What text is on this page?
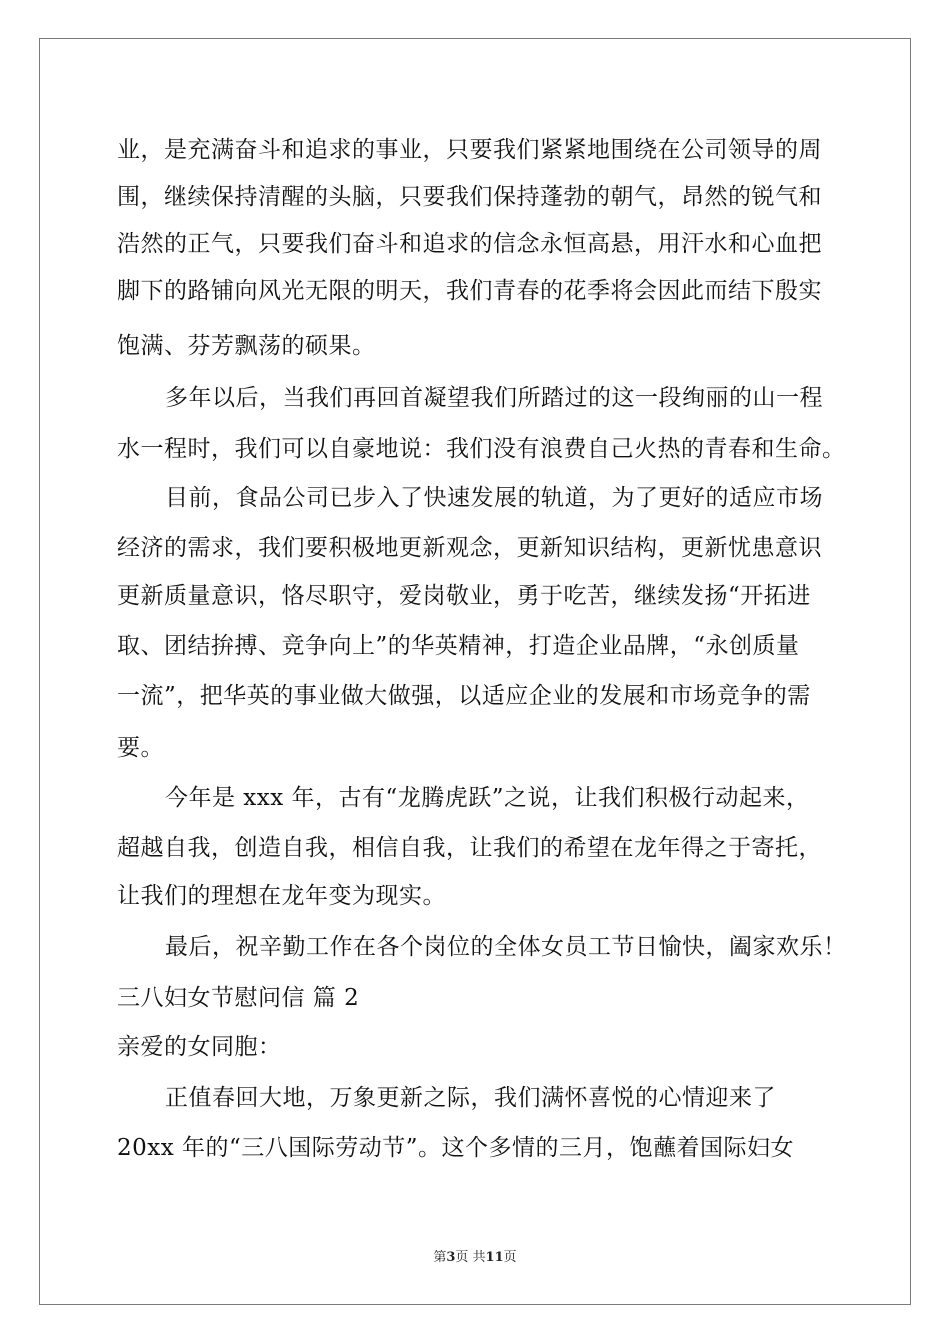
业，是充满奋斗和追求的事业，只要我们紧紧地围绕在公司领导的周
围，继续保持清醒的头脑，只要我们保持蓬勃的朝气，昂然的锐气和
浩然的正气，只要我们奋斗和追求的信念永恒高悬，用汗水和心血把
脚下的路铺向风光无限的明天，我们青春的花季将会因此而结下殷实
饱满、芬芳飘荡的硕果。
多年以后，当我们再回首凝望我们所踏过的这一段绚丽的山一程
水一程时，我们可以自豪地说：我们没有浪费自己火热的青春和生命。
目前，食品公司已步入了快速发展的轨道，为了更好的适应市场
经济的需求，我们要积极地更新观念，更新知识结构，更新忧患意识
更新质量意识，恪尽职守，爱岗敬业，勇于吃苦，继续发扬“开拓进
取、团结拚搏、竞争向上”的华英精神，打造企业品牌，“永创质量
一流”，把华英的事业做大做强，以适应企业的发展和市场竞争的需
要。
今年是 xxx 年，古有“龙腾虎跃”之说，让我们积极行动起来，
超越自我，创造自我，相信自我，让我们的希望在龙年得之于寄托，
让我们的理想在龙年变为现实。
最后，祝辛勤工作在各个岗位的全体女员工节日愉快，阖家欢乐！
三八妇女节慰问信 篇 2
亲爱的女同胞：
正值春回大地，万象更新之际，我们满怀喜悦的心情迎来了
20xx 年的“三八国际劳动节”。这个多情的三月，饱蘸着国际妇女
第3页 共11页
